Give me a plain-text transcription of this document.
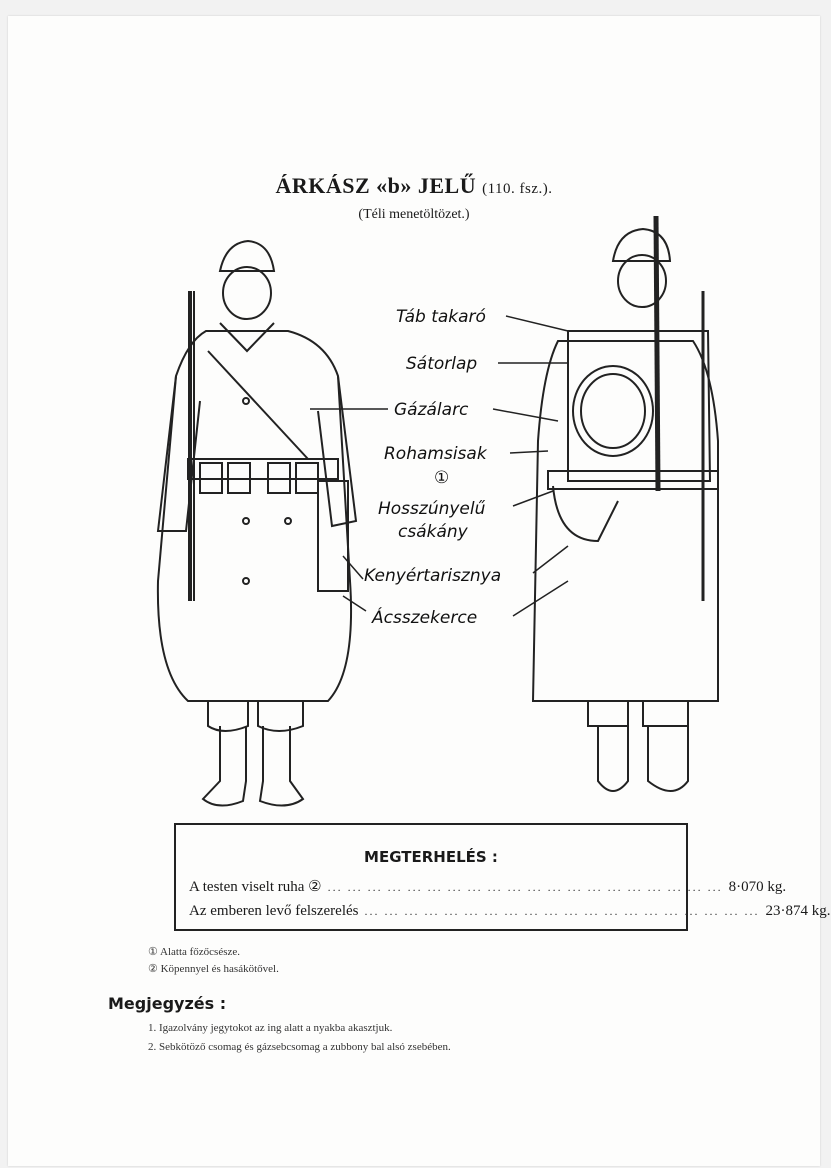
ÁRKÁSZ «b» JELŰ (110. fsz.).
(Téli menetöltözet.)
Táb takaró
Sátorlap
Gázálarc
Rohamsisak
①
Hosszúnyelű
csákány
Kenyértarisznya
Ácsszekerce
MEGTERHELÉS :
A testen viselt ruha ② ... ... ... ... ... ... ... ... ... ... ... ... ... ... ... ... ... ... ... ... 8·070 kg.
Az emberen levő felszerelés ... ... ... ... ... ... ... ... ... ... ... ... ... ... ... ... ... ... ... ... 23·874 kg.
① Alatta főzőcsésze.
② Köpennyel és hasákötővel.
Megjegyzés :
1. Igazolvány jegytokot az ing alatt a nyakba akasztjuk.
2. Sebkötöző csomag és gázsebcsomag a zubbony bal alsó zsebében.
